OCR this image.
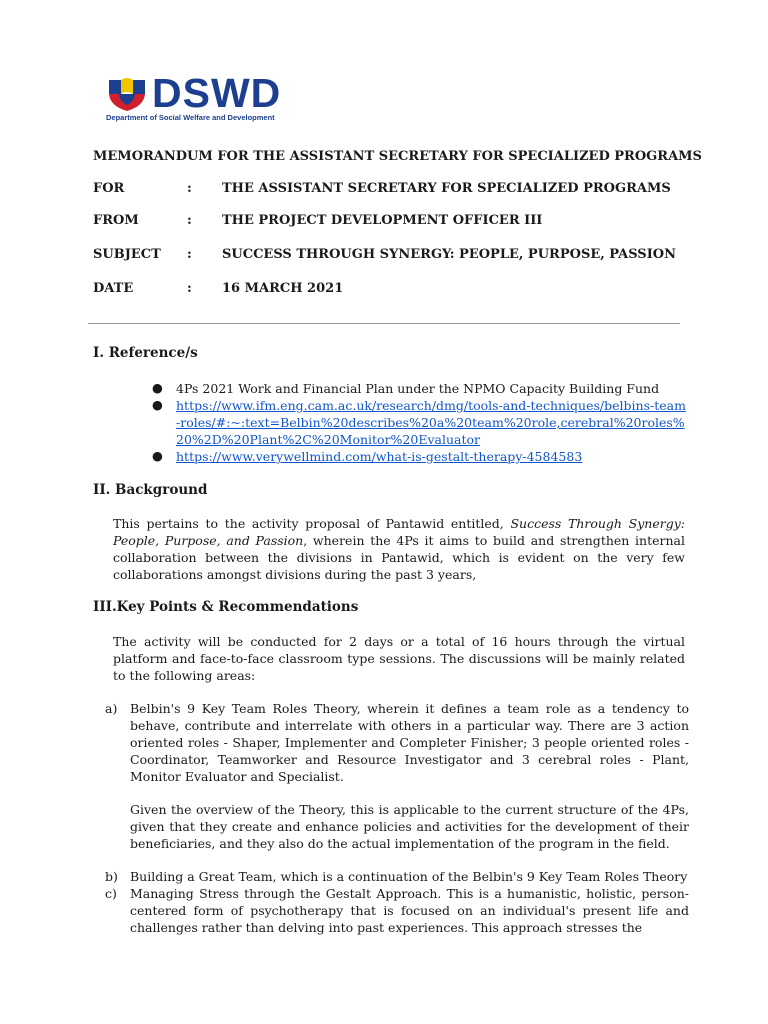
DSWD
Department of Social Welfare and Development
MEMORANDUM FOR THE ASSISTANT SECRETARY FOR SPECIALIZED PROGRAMS
FOR	: THE ASSISTANT SECRETARY FOR SPECIALIZED PROGRAMS
FROM	: THE PROJECT DEVELOPMENT OFFICER III
SUBJECT : SUCCESS THROUGH SYNERGY: PEOPLE, PURPOSE, PASSION
DATE	: 16 MARCH 2021
I. Reference/s
● 4Ps 2021 Work and Financial Plan under the NPMO Capacity Building Fund
● https://www.ifm.eng.cam.ac.uk/research/dmg/tools-and-techniques/belbins-team-roles/#:~:text=Belbin%20describes%20a%20team%20role,cerebral%20roles%20%2D%20Plant%2C%20Monitor%20Evaluator
● https://www.verywellmind.com/what-is-gestalt-therapy-4584583
II. Background
This pertains to the activity proposal of Pantawid entitled, Success Through Synergy: People, Purpose, and Passion, wherein the 4Ps it aims to build and strengthen internal collaboration between the divisions in Pantawid, which is evident on the very few collaborations amongst divisions during the past 3 years,
III.Key Points & Recommendations
The activity will be conducted for 2 days or a total of 16 hours through the virtual platform and face-to-face classroom type sessions. The discussions will be mainly related to the following areas:
a) Belbin's 9 Key Team Roles Theory, wherein it defines a team role as a tendency to behave, contribute and interrelate with others in a particular way. There are 3 action oriented roles - Shaper, Implementer and Completer Finisher; 3 people oriented roles - Coordinator, Teamworker and Resource Investigator and 3 cerebral roles - Plant, Monitor Evaluator and Specialist.
Given the overview of the Theory, this is applicable to the current structure of the 4Ps, given that they create and enhance policies and activities for the development of their beneficiaries, and they also do the actual implementation of the program in the field.
b) Building a Great Team, which is a continuation of the Belbin's 9 Key Team Roles Theory
c) Managing Stress through the Gestalt Approach. This is a humanistic, holistic, person-centered form of psychotherapy that is focused on an individual's present life and challenges rather than delving into past experiences. This approach stresses the
